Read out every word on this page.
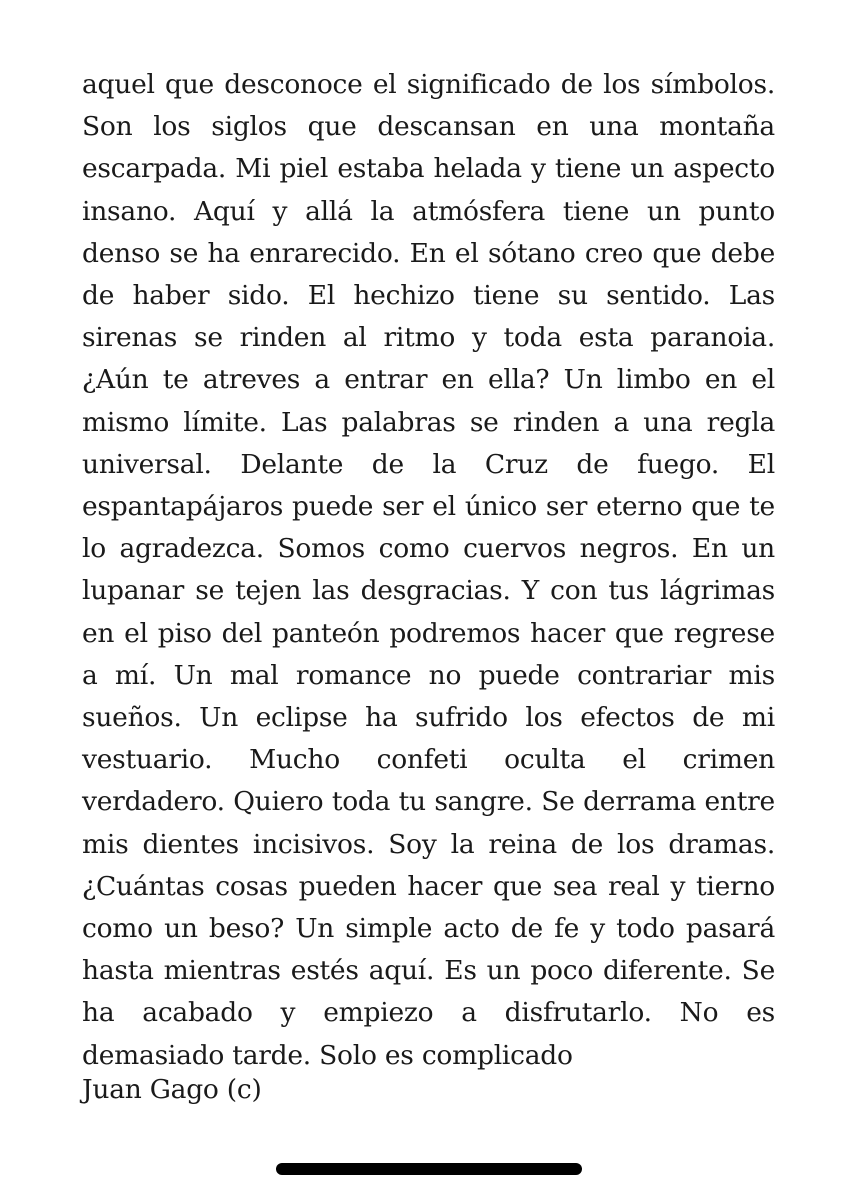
aquel que desconoce el significado de los símbolos. Son los siglos que descansan en una montaña escarpada. Mi piel estaba helada y tiene un aspecto insano. Aquí y allá la atmósfera tiene un punto denso se ha enrarecido. En el sótano creo que debe de haber sido. El hechizo tiene su sentido. Las sirenas se rinden al ritmo y toda esta paranoia. ¿Aún te atreves a entrar en ella? Un limbo en el mismo límite. Las palabras se rinden a una regla universal. Delante de la Cruz de fuego. El espantapájaros puede ser el único ser eterno que te lo agradezca. Somos como cuervos negros. En un lupanar se tejen las desgracias. Y con tus lágrimas en el piso del panteón podremos hacer que regrese a mí. Un mal romance no puede contrariar mis sueños. Un eclipse ha sufrido los efectos de mi vestuario. Mucho confeti oculta el crimen verdadero. Quiero toda tu sangre. Se derrama entre mis dientes incisivos. Soy la reina de los dramas. ¿Cuántas cosas pueden hacer que sea real y tierno como un beso? Un simple acto de fe y todo pasará hasta mientras estés aquí. Es un poco diferente. Se ha acabado y empiezo a disfrutarlo. No es demasiado tarde. Solo es complicado

Juan Gago (c)
